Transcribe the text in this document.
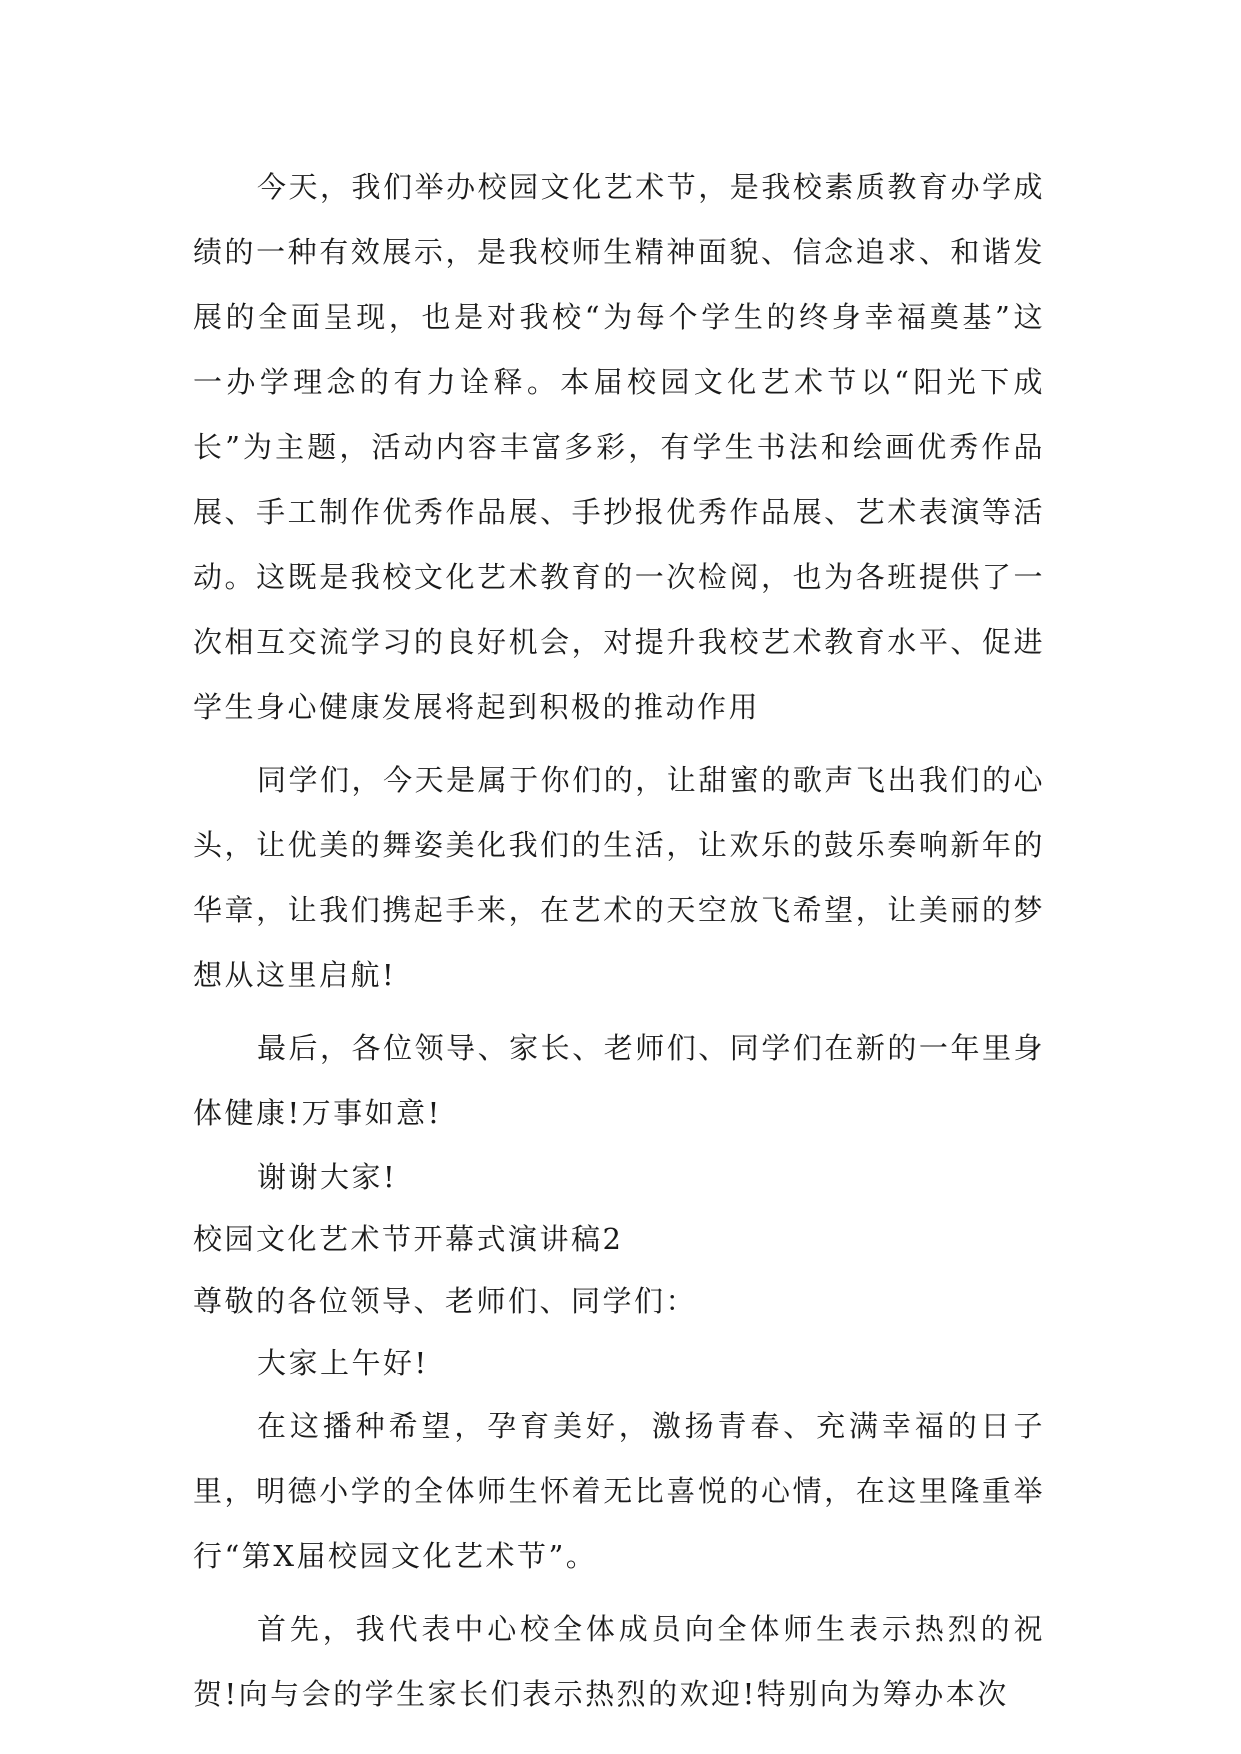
今天，我们举办校园文化艺术节，是我校素质教育办学成绩的一种有效展示，是我校师生精神面貌、信念追求、和谐发展的全面呈现，也是对我校“为每个学生的终身幸福奠基”这一办学理念的有力诠释。本届校园文化艺术节以“阳光下成长”为主题，活动内容丰富多彩，有学生书法和绘画优秀作品展、手工制作优秀作品展、手抄报优秀作品展、艺术表演等活动。这既是我校文化艺术教育的一次检阅，也为各班提供了一次相互交流学习的良好机会，对提升我校艺术教育水平、促进学生身心健康发展将起到积极的推动作用

同学们，今天是属于你们的，让甜蜜的歌声飞出我们的心头，让优美的舞姿美化我们的生活，让欢乐的鼓乐奏响新年的华章，让我们携起手来，在艺术的天空放飞希望，让美丽的梦想从这里启航!

最后，各位领导、家长、老师们、同学们在新的一年里身体健康!万事如意!

谢谢大家!

校园文化艺术节开幕式演讲稿2

尊敬的各位领导、老师们、同学们：

大家上午好!

在这播种希望，孕育美好，激扬青春、充满幸福的日子里，明德小学的全体师生怀着无比喜悦的心情，在这里隆重举行“第X届校园文化艺术节”。

首先，我代表中心校全体成员向全体师生表示热烈的祝贺!向与会的学生家长们表示热烈的欢迎!特别向为筹办本次
